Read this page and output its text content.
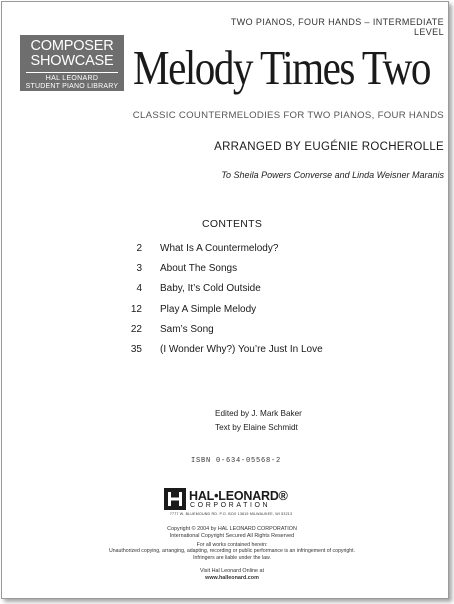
TWO PIANOS, FOUR HANDS – INTERMEDIATE LEVEL
COMPOSER
SHOWCASE
HAL LEONARD
STUDENT PIANO LIBRARY Melody Times Two
CLASSIC COUNTERMELODIES FOR TWO PIANOS, FOUR HANDS
ARRANGED BY EUGÉNIE ROCHEROLLE
To Sheila Powers Converse and Linda Weisner Maranis
CONTENTS
2 What Is A Countermelody?
3 About The Songs
4 Baby, It’s Cold Outside
12 Play A Simple Melody
22 Sam’s Song
35 (I Wonder Why?) You’re Just In Love
Edited by J. Mark Baker
Text by Elaine Schmidt
ISBN 0-634-05568-2
HAL•LEONARD®
CORPORATION
7777 W. BLUEMOUND RD. P.O. BOX 13819 MILWAUKEE, WI 53213
Copyright © 2004 by HAL LEONARD CORPORATION
International Copyright Secured All Rights Reserved
For all works contained herein:
Unauthorized copying, arranging, adapting, recording or public performance is an infringement of copyright.
Infringers are liable under the law.
Visit Hal Leonard Online at
www.halleonard.com
